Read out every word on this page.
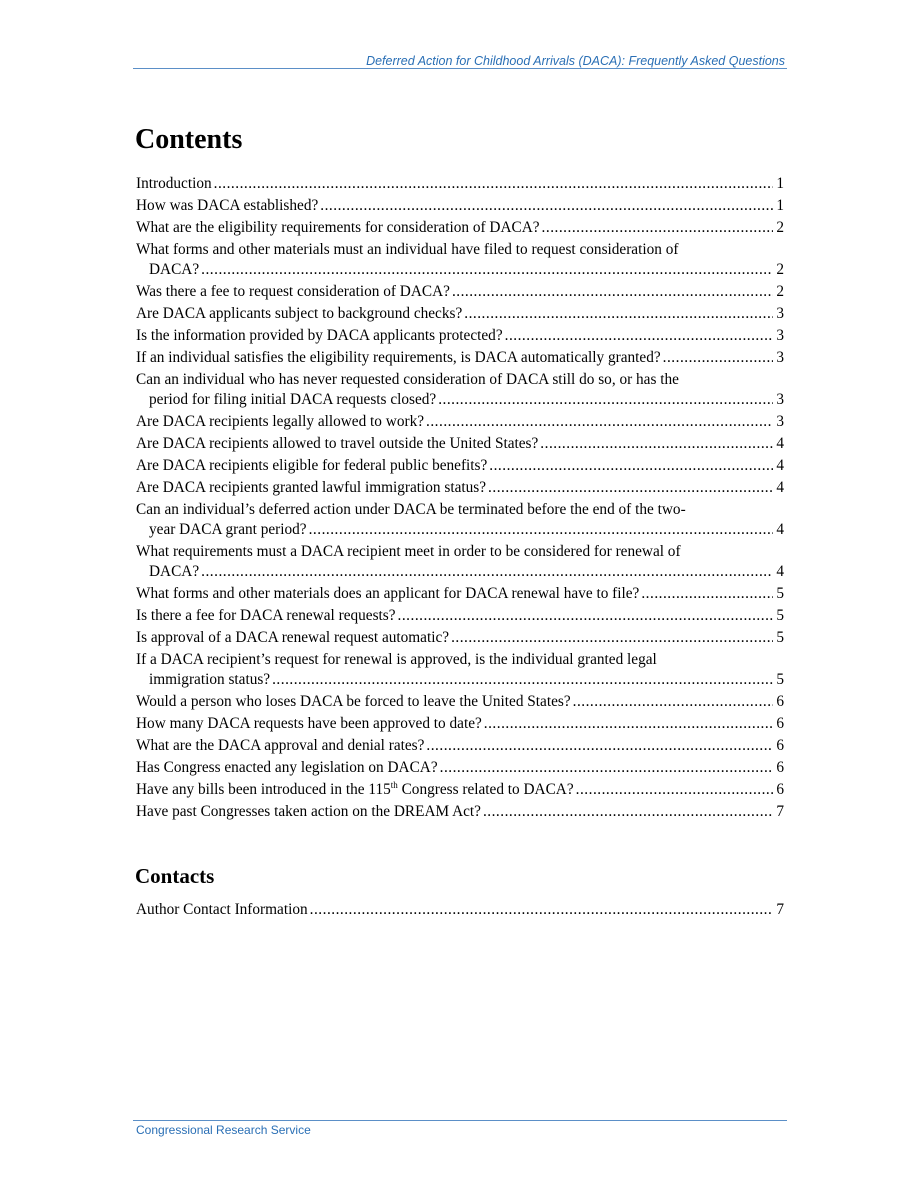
Deferred Action for Childhood Arrivals (DACA): Frequently Asked Questions
Contents
Introduction .....	1
How was DACA established? .....	1
What are the eligibility requirements for consideration of DACA? .....	2
What forms and other materials must an individual have filed to request consideration of
DACA? .....	2
Was there a fee to request consideration of DACA? .....	2
Are DACA applicants subject to background checks? .....	3
Is the information provided by DACA applicants protected? .....	3
If an individual satisfies the eligibility requirements, is DACA automatically granted? .....	3
Can an individual who has never requested consideration of DACA still do so, or has the
period for filing initial DACA requests closed? .....	3
Are DACA recipients legally allowed to work? .....	3
Are DACA recipients allowed to travel outside the United States? .....	4
Are DACA recipients eligible for federal public benefits? .....	4
Are DACA recipients granted lawful immigration status? .....	4
Can an individual’s deferred action under DACA be terminated before the end of the two-
year DACA grant period? .....	4
What requirements must a DACA recipient meet in order to be considered for renewal of
DACA? .....	4
What forms and other materials does an applicant for DACA renewal have to file? .....	5
Is there a fee for DACA renewal requests? .....	5
Is approval of a DACA renewal request automatic? .....	5
If a DACA recipient’s request for renewal is approved, is the individual granted legal
immigration status? .....	5
Would a person who loses DACA be forced to leave the United States? .....	6
How many DACA requests have been approved to date? .....	6
What are the DACA approval and denial rates? .....	6
Has Congress enacted any legislation on DACA? .....	6
Have any bills been introduced in the 115th Congress related to DACA? .....	6
Have past Congresses taken action on the DREAM Act? .....	7
Contacts
Author Contact Information .....	7
Congressional Research Service
